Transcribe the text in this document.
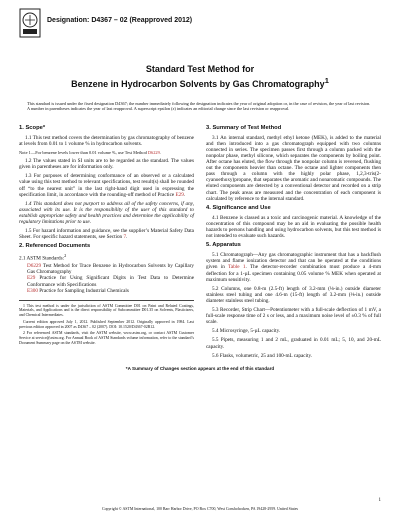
Designation: D4367 – 02 (Reapproved 2012)
Standard Test Method for
Benzene in Hydrocarbon Solvents by Gas Chromatography$^1$
This standard is issued under the fixed designation D4367; the number immediately following the designation indicates the year of original adoption or, in the case of revision, the year of last revision. A number in parentheses indicates the year of last reapproval. A superscript epsilon (ε) indicates an editorial change since the last revision or reapproval.
1. Scope*

1.1 This test method covers the determination by gas chromatography of benzene at levels from 0.01 to 1 volume % in hydrocarbon solvents.

Note 1—For benzene levels lower than 0.01 volume %, use Test Method D6229.

1.2 The values stated in SI units are to be regarded as the standard. The values given in parentheses are for information only.

1.3 For purposes of determining conformance of an observed or a calculated value using this test method to relevant specifications, test result(s) shall be rounded off “to the nearest unit” in the last right-hand digit used in expressing the specification limit, in accordance with the rounding-off method of Practice E29.

1.4 This standard does not purport to address all of the safety concerns, if any, associated with its use. It is the responsibility of the user of this standard to establish appropriate safety and health practices and determine the applicability of regulatory limitations prior to use.

1.5 For hazard information and guidance, see the supplier’s Material Safety Data Sheet. For specific hazard statements, see Section 7.

2. Referenced Documents

2.1 ASTM Standards:$^2$

D6229 Test Method for Trace Benzene in Hydrocarbon Solvents by Capillary Gas Chromatography

E29 Practice for Using Significant Digits in Test Data to Determine Conformance with Specifications

E300 Practice for Sampling Industrial Chemicals

1 This test method is under the jurisdiction of ASTM Committee D01 on Paint and Related Coatings, Materials, and Applications and is the direct responsibility of Subcommittee D01.35 on Solvents, Plasticizers, and Chemical Intermediates.

Current edition approved July 1, 2012. Published September 2012. Originally approved in 1984. Last previous edition approved in 2007 as D4367 – 02 (2007). DOI: 10.1520/D4367-02R12.

2 For referenced ASTM standards, visit the ASTM website, www.astm.org, or contact ASTM Customer Service at service@astm.org. For Annual Book of ASTM Standards volume information, refer to the standard’s Document Summary page on the ASTM website.

3. Summary of Test Method

3.1 An internal standard, methyl ethyl ketone (MEK), is added to the material and then introduced into a gas chromatograph equipped with two columns connected in series. The specimen passes first through a column packed with the nonpolar phase, methyl silicone, which separates the components by boiling point. After octane has eluted, the flow through the nonpolar column is reversed, flushing out the components heavier than octane. The octane and lighter components then pass through a column with the highly polar phase, 1,2,3-tris(2-cyanoethoxy)propane, that separates the aromatic and nonaromatic compounds. The eluted components are detected by a conventional detector and recorded on a strip chart. The peak areas are measured and the concentration of each component is calculated by reference to the internal standard.

4. Significance and Use

4.1 Benzene is classed as a toxic and carcinogenic material. A knowledge of the concentration of this compound may be an aid in evaluating the possible health hazards to persons handling and using hydrocarbon solvents, but this test method is not intended to evaluate such hazards.

5. Apparatus

5.1 Chromatograph—Any gas chromatographic instrument that has a backflush system and flame ionization detector and that can be operated at the conditions given in Table 1. The detector-recorder combination must produce a 4-mm deflection for a 1-µL specimen containing 0.05 volume % MEK when operated at maximum sensitivity.

5.2 Columns, one 0.8-m (2.5-ft) length of 3.2-mm (⅛-in.) outside diameter stainless steel tubing and one 4.6-m (15-ft) length of 3.2-mm (⅛-in.) outside diameter stainless steel tubing.

5.3 Recorder, Strip Chart—Potentiometer with a full-scale deflection of 1 mV, a full-scale response time of 2 s or less, and a maximum noise level of ±0.3 % of full scale.

5.4 Microsyringe, 5-µL capacity.

5.5 Pipets, measuring 1 and 2 mL, graduated in 0.01 mL; 5, 10, and 20-mL capacity.

5.6 Flasks, volumetric, 25 and 100-mL capacity.

*A Summary of Changes section appears at the end of this standard
1
Copyright © ASTM International, 100 Barr Harbor Drive, PO Box C700, West Conshohocken, PA 19428-2959. United States
